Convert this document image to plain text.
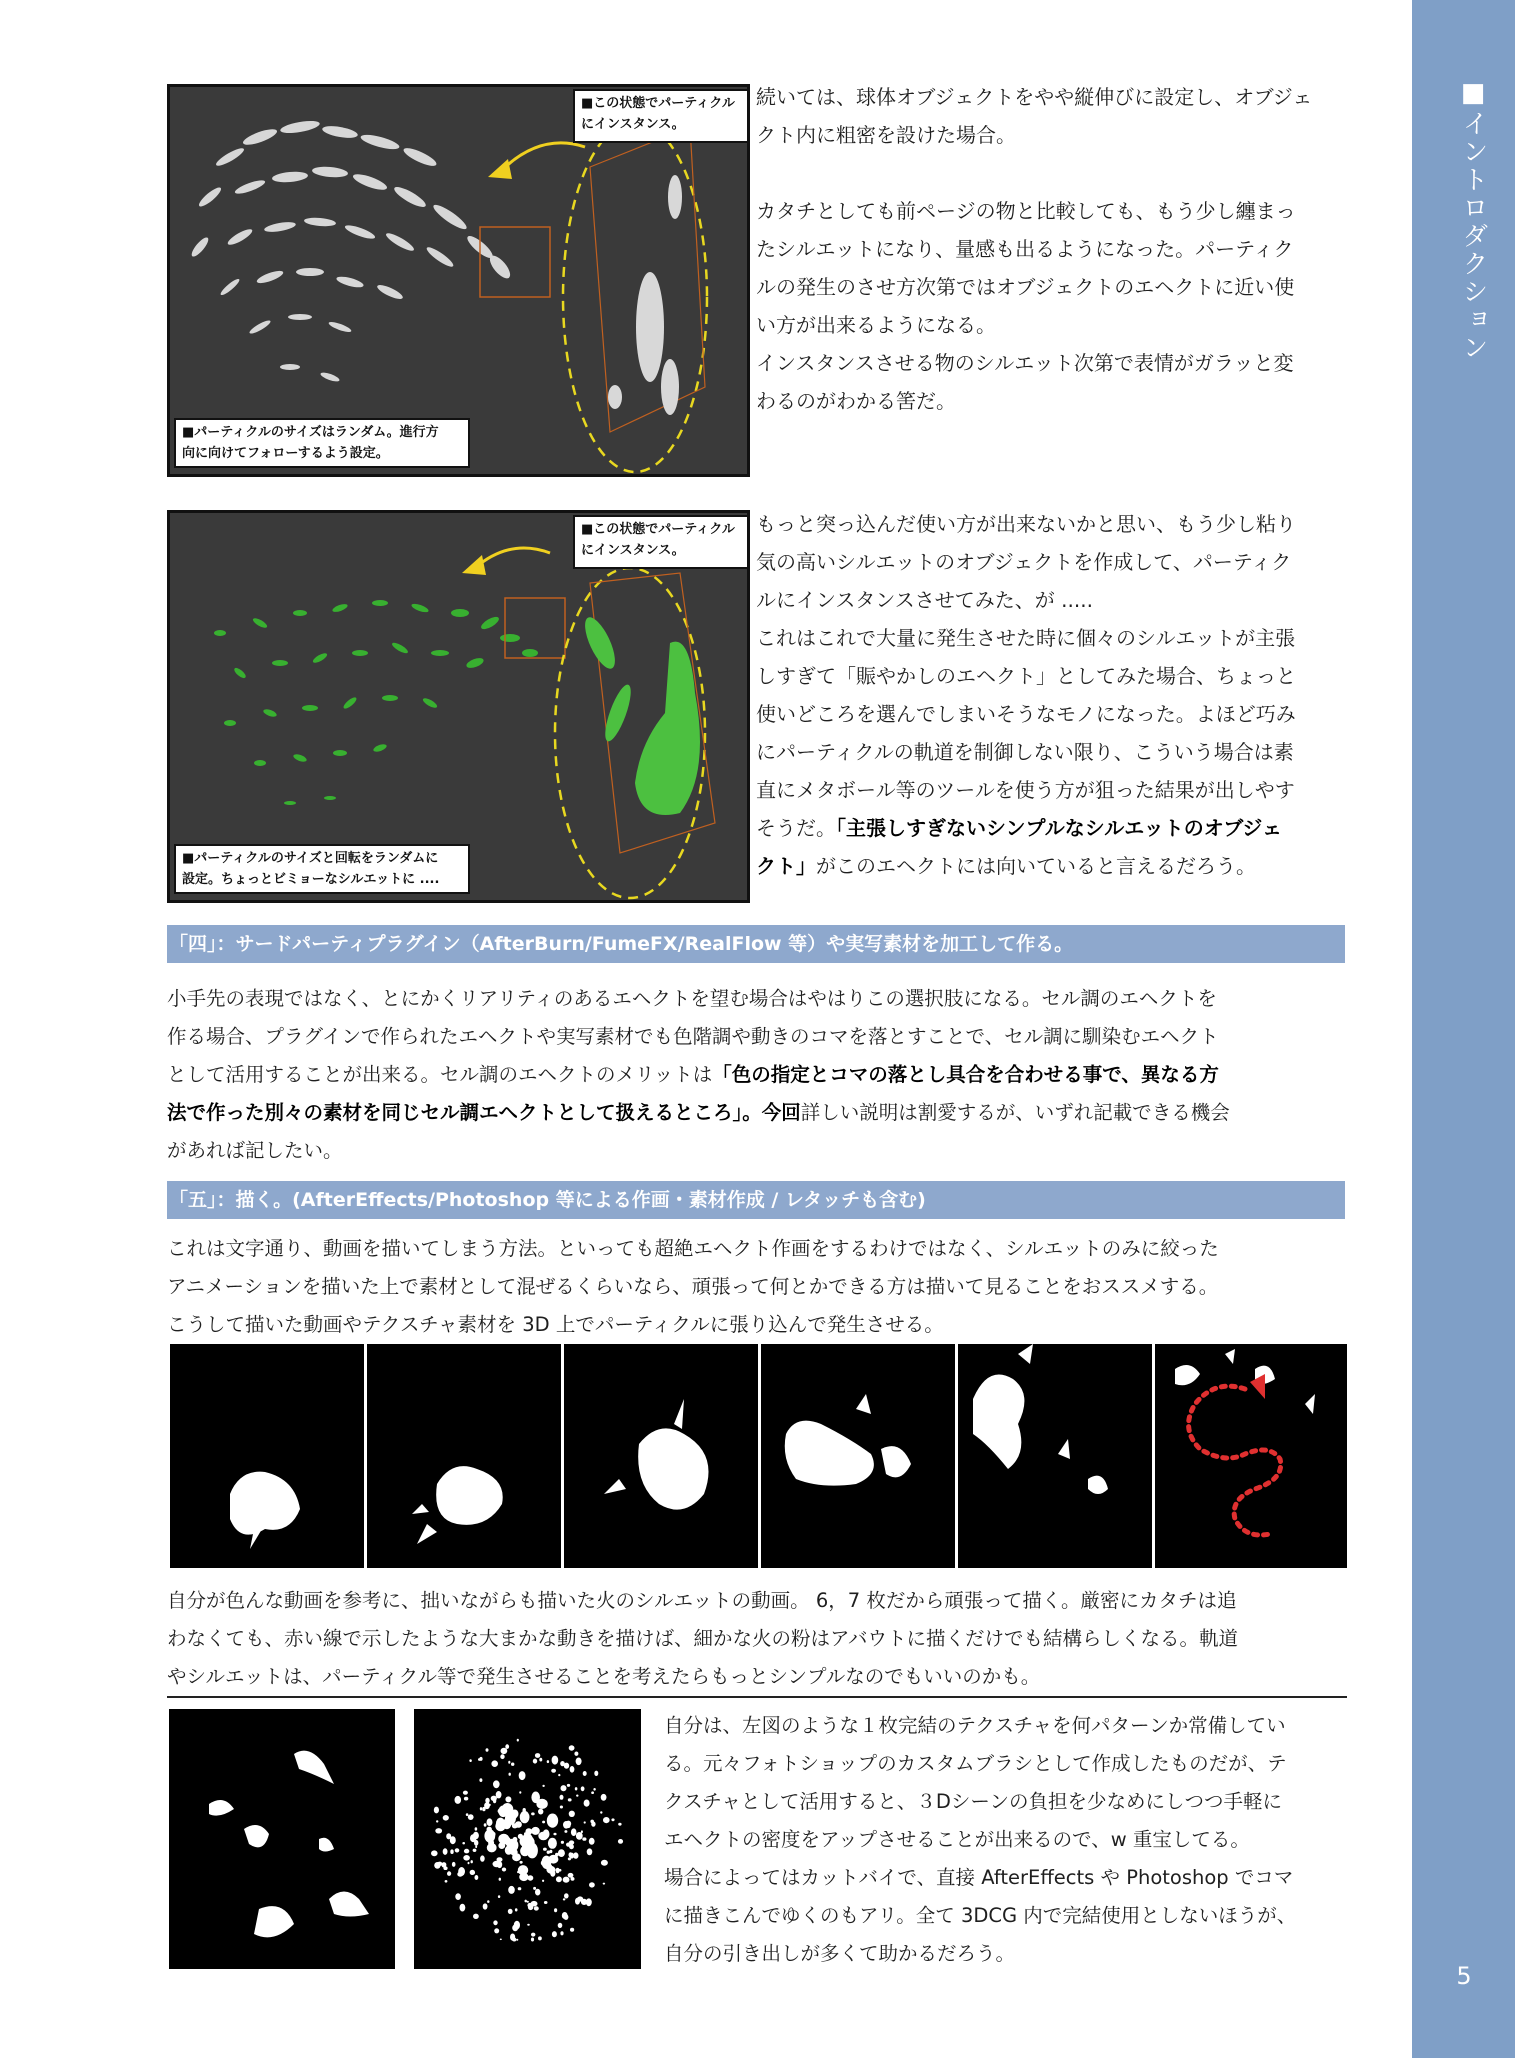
■イントロダクション
5
■この状態でパーティクル
にインスタンス。
■パーティクルのサイズはランダム。進行方
向に向けてフォローするよう設定。
続いては、球体オブジェクトをやや縦伸びに設定し、オブジェ
クト内に粗密を設けた場合。
カタチとしても前ページの物と比較しても、もう少し纏まっ
たシルエットになり、量感も出るようになった。パーティク
ルの発生のさせ方次第ではオブジェクトのエヘクトに近い使
い方が出来るようになる。
インスタンスさせる物のシルエット次第で表情がガラッと変
わるのがわかる筈だ。
■この状態でパーティクル
にインスタンス。
■パーティクルのサイズと回転をランダムに
設定。ちょっとビミョーなシルエットに ....
もっと突っ込んだ使い方が出来ないかと思い、もう少し粘り
気の高いシルエットのオブジェクトを作成して、パーティク
ルにインスタンスさせてみた、が .....
これはこれで大量に発生させた時に個々のシルエットが主張
しすぎて「賑やかしのエヘクト」としてみた場合、ちょっと
使いどころを選んでしまいそうなモノになった。よほど巧み
にパーティクルの軌道を制御しない限り、こういう場合は素
直にメタボール等のツールを使う方が狙った結果が出しやす
そうだ。「主張しすぎないシンプルなシルエットのオブジェ
クト」がこのエヘクトには向いていると言えるだろう。
「四」：サードパーティプラグイン（AfterBurn/FumeFX/RealFlow 等）や実写素材を加工して作る。
小手先の表現ではなく、とにかくリアリティのあるエヘクトを望む場合はやはりこの選択肢になる。セル調のエヘクトを
作る場合、プラグインで作られたエヘクトや実写素材でも色階調や動きのコマを落とすことで、セル調に馴染むエヘクト
として活用することが出来る。セル調のエヘクトのメリットは「色の指定とコマの落とし具合を合わせる事で、異なる方
法で作った別々の素材を同じセル調エヘクトとして扱えるところ」。今回詳しい説明は割愛するが、いずれ記載できる機会
があれば記したい。
「五」：描く。(AfterEffects/Photoshop 等による作画・素材作成 / レタッチも含む)
これは文字通り、動画を描いてしまう方法。といっても超絶エヘクト作画をするわけではなく、シルエットのみに絞った
アニメーションを描いた上で素材として混ぜるくらいなら、頑張って何とかできる方は描いて見ることをおススメする。
こうして描いた動画やテクスチャ素材を 3D 上でパーティクルに張り込んで発生させる。
自分が色んな動画を参考に、拙いながらも描いた火のシルエットの動画。 6，7 枚だから頑張って描く。厳密にカタチは追
わなくても、赤い線で示したような大まかな動きを描けば、細かな火の粉はアバウトに描くだけでも結構らしくなる。軌道
やシルエットは、パーティクル等で発生させることを考えたらもっとシンプルなのでもいいのかも。
自分は、左図のような１枚完結のテクスチャを何パターンか常備してい
る。元々フォトショップのカスタムブラシとして作成したものだが、テ
クスチャとして活用すると、３Dシーンの負担を少なめにしつつ手軽に
エヘクトの密度をアップさせることが出来るので、w 重宝してる。
場合によってはカットバイで、直接 AfterEffects や Photoshop でコマ
に描きこんでゆくのもアリ。全て 3DCG 内で完結使用としないほうが、
自分の引き出しが多くて助かるだろう。
